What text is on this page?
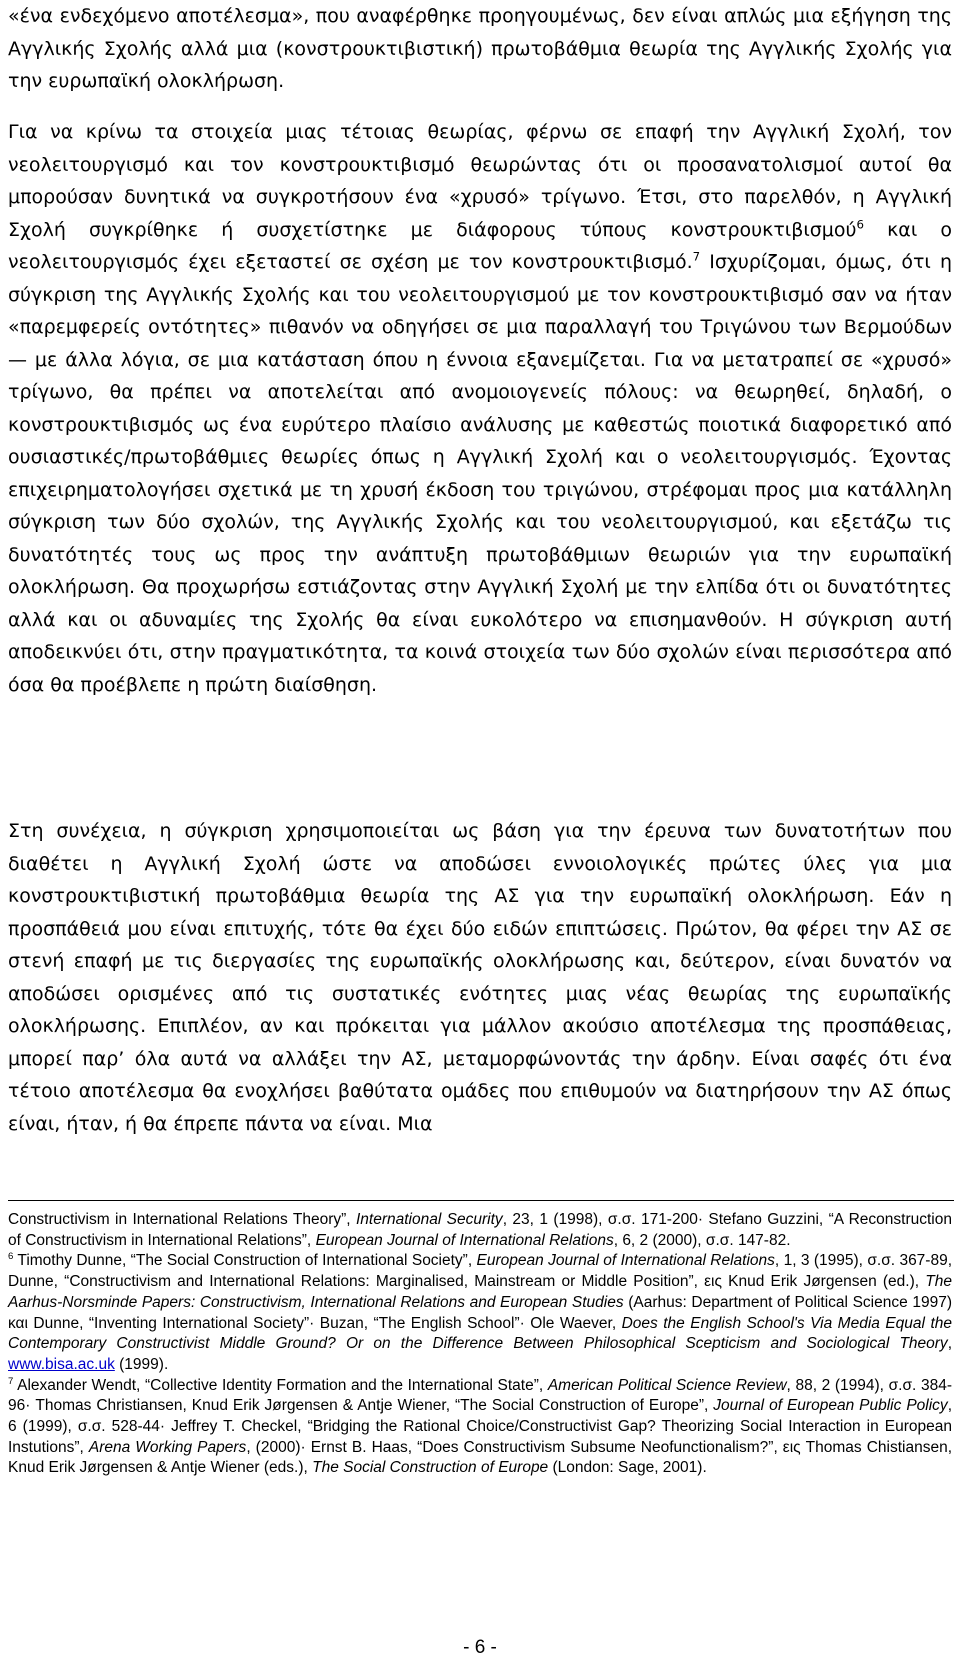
«ένα ενδεχόμενο αποτέλεσμα», που αναφέρθηκε προηγουμένως, δεν είναι απλώς μια εξήγηση της Αγγλικής Σχολής αλλά μια (κονστρουκτιβιστική) πρωτοβάθμια θεωρία της Αγγλικής Σχολής για την ευρωπαϊκή ολοκλήρωση.

Για να κρίνω τα στοιχεία μιας τέτοιας θεωρίας, φέρνω σε επαφή την Αγγλική Σχολή, τον νεολειτουργισμό και τον κονστρουκτιβισμό θεωρώντας ότι οι προσανατολισμοί αυτοί θα μπορούσαν δυνητικά να συγκροτήσουν ένα «χρυσό» τρίγωνο. Έτσι, στο παρελθόν, η Αγγλική Σχολή συγκρίθηκε ή συσχετίστηκε με διάφορους τύπους κονστρουκτιβισμού$^6$ και ο νεολειτουργισμός έχει εξεταστεί σε σχέση με τον κονστρουκτιβισμό.$^7$ Ισχυρίζομαι, όμως, ότι η σύγκριση της Αγγλικής Σχολής και του νεολειτουργισμού με τον κονστρουκτιβισμό σαν να ήταν «παρεμφερείς οντότητες» πιθανόν να οδηγήσει σε μια παραλλαγή του Τριγώνου των Βερμούδων — με άλλα λόγια, σε μια κατάσταση όπου η έννοια εξανεμίζεται. Για να μετατραπεί σε «χρυσό» τρίγωνο, θα πρέπει να αποτελείται από ανομοιογενείς πόλους: να θεωρηθεί, δηλαδή, ο κονστρουκτιβισμός ως ένα ευρύτερο πλαίσιο ανάλυσης με καθεστώς ποιοτικά διαφορετικό από ουσιαστικές/πρωτοβάθμιες θεωρίες όπως η Αγγλική Σχολή και ο νεολειτουργισμός. Έχοντας επιχειρηματολογήσει σχετικά με τη χρυσή έκδοση του τριγώνου, στρέφομαι προς μια κατάλληλη σύγκριση των δύο σχολών, της Αγγλικής Σχολής και του νεολειτουργισμού, και εξετάζω τις δυνατότητές τους ως προς την ανάπτυξη πρωτοβάθμιων θεωριών για την ευρωπαϊκή ολοκλήρωση. Θα προχωρήσω εστιάζοντας στην Αγγλική Σχολή με την ελπίδα ότι οι δυνατότητες αλλά και οι αδυναμίες της Σχολής θα είναι ευκολότερο να επισημανθούν. Η σύγκριση αυτή αποδεικνύει ότι, στην πραγματικότητα, τα κοινά στοιχεία των δύο σχολών είναι περισσότερα από όσα θα προέβλεπε η πρώτη διαίσθηση.

Στη συνέχεια, η σύγκριση χρησιμοποιείται ως βάση για την έρευνα των δυνατοτήτων που διαθέτει η Αγγλική Σχολή ώστε να αποδώσει εννοιολογικές πρώτες ύλες για μια κονστρουκτιβιστική πρωτοβάθμια θεωρία της ΑΣ για την ευρωπαϊκή ολοκλήρωση. Εάν η προσπάθειά μου είναι επιτυχής, τότε θα έχει δύο ειδών επιπτώσεις. Πρώτον, θα φέρει την ΑΣ σε στενή επαφή με τις διεργασίες της ευρωπαϊκής ολοκλήρωσης και, δεύτερον, είναι δυνατόν να αποδώσει ορισμένες από τις συστατικές ενότητες μιας νέας θεωρίας της ευρωπαϊκής ολοκλήρωσης. Επιπλέον, αν και πρόκειται για μάλλον ακούσιο αποτέλεσμα της προσπάθειας, μπορεί παρ’ όλα αυτά να αλλάξει την ΑΣ, μεταμορφώνοντάς την άρδην. Είναι σαφές ότι ένα τέτοιο αποτέλεσμα θα ενοχλήσει βαθύτατα ομάδες που επιθυμούν να διατηρήσουν την ΑΣ όπως είναι, ήταν, ή θα έπρεπε πάντα να είναι. Μια

Constructivism in International Relations Theory”, International Security, 23, 1 (1998), σ.σ. 171-200· Stefano Guzzini, “A Reconstruction of Constructivism in International Relations”, European Journal of International Relations, 6, 2 (2000), σ.σ. 147-82.

$^6$ Timothy Dunne, “The Social Construction of International Society”, European Journal of International Relations, 1, 3 (1995), σ.σ. 367-89, Dunne, “Constructivism and International Relations: Marginalised, Mainstream or Middle Position”, εις Knud Erik Jørgensen (ed.), The Aarhus-Norsminde Papers: Constructivism, International Relations and European Studies (Aarhus: Department of Political Science 1997) και Dunne, “Inventing International Society”· Buzan, “The English School”· Ole Waever, Does the English School's Via Media Equal the Contemporary Constructivist Middle Ground? Or on the Difference Between Philosophical Scepticism and Sociological Theory, www.bisa.ac.uk (1999).

$^7$ Alexander Wendt, “Collective Identity Formation and the International State”, American Political Science Review, 88, 2 (1994), σ.σ. 384-96· Thomas Christiansen, Knud Erik Jørgensen & Antje Wiener, “The Social Construction of Europe”, Journal of European Public Policy, 6 (1999), σ.σ. 528-44· Jeffrey T. Checkel, “Bridging the Rational Choice/Constructivist Gap? Theorizing Social Interaction in European Instutions”, Arena Working Papers, (2000)· Ernst B. Haas, “Does Constructivism Subsume Neofunctionalism?”, εις Thomas Chistiansen, Knud Erik Jørgensen & Antje Wiener (eds.), The Social Construction of Europe (London: Sage, 2001).

- 6 -
